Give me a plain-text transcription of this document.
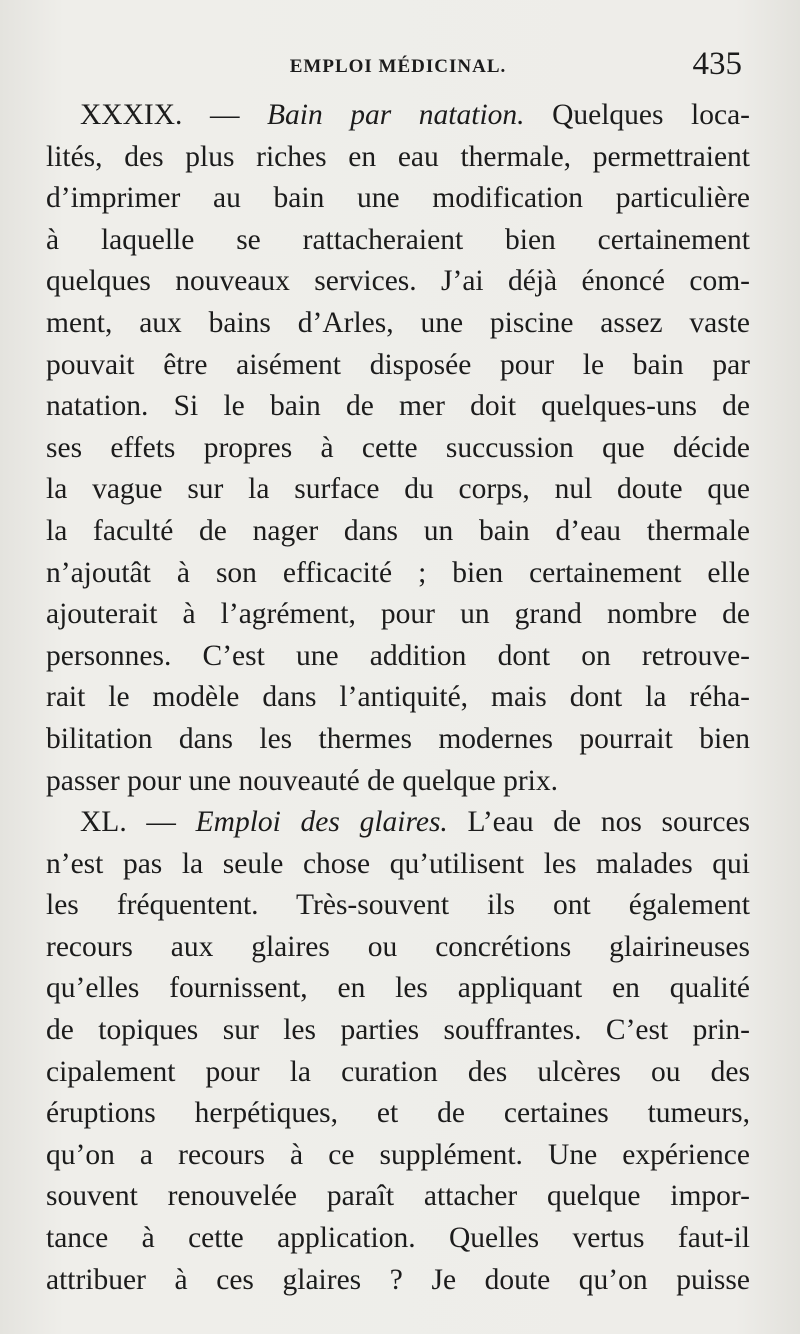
EMPLOI MÉDICINAL.	435
XXXIX. — Bain par natation. Quelques loca-
lités, des plus riches en eau thermale, permettraient
d’imprimer au bain une modification particulière
à laquelle se rattacheraient bien certainement
quelques nouveaux services. J’ai déjà énoncé com-
ment, aux bains d’Arles, une piscine assez vaste
pouvait être aisément disposée pour le bain par
natation. Si le bain de mer doit quelques-uns de
ses effets propres à cette succussion que décide
la vague sur la surface du corps, nul doute que
la faculté de nager dans un bain d’eau thermale
n’ajoutât à son efficacité ; bien certainement elle
ajouterait à l’agrément, pour un grand nombre de
personnes. C’est une addition dont on retrouve-
rait le modèle dans l’antiquité, mais dont la réha-
bilitation dans les thermes modernes pourrait bien
passer pour une nouveauté de quelque prix.
XL. — Emploi des glaires. L’eau de nos sources
n’est pas la seule chose qu’utilisent les malades qui
les fréquentent. Très-souvent ils ont également
recours aux glaires ou concrétions glairineuses
qu’elles fournissent, en les appliquant en qualité
de topiques sur les parties souffrantes. C’est prin-
cipalement pour la curation des ulcères ou des
éruptions herpétiques, et de certaines tumeurs,
qu’on a recours à ce supplément. Une expérience
souvent renouvelée paraît attacher quelque impor-
tance à cette application. Quelles vertus faut-il
attribuer à ces glaires ? Je doute qu’on puisse
